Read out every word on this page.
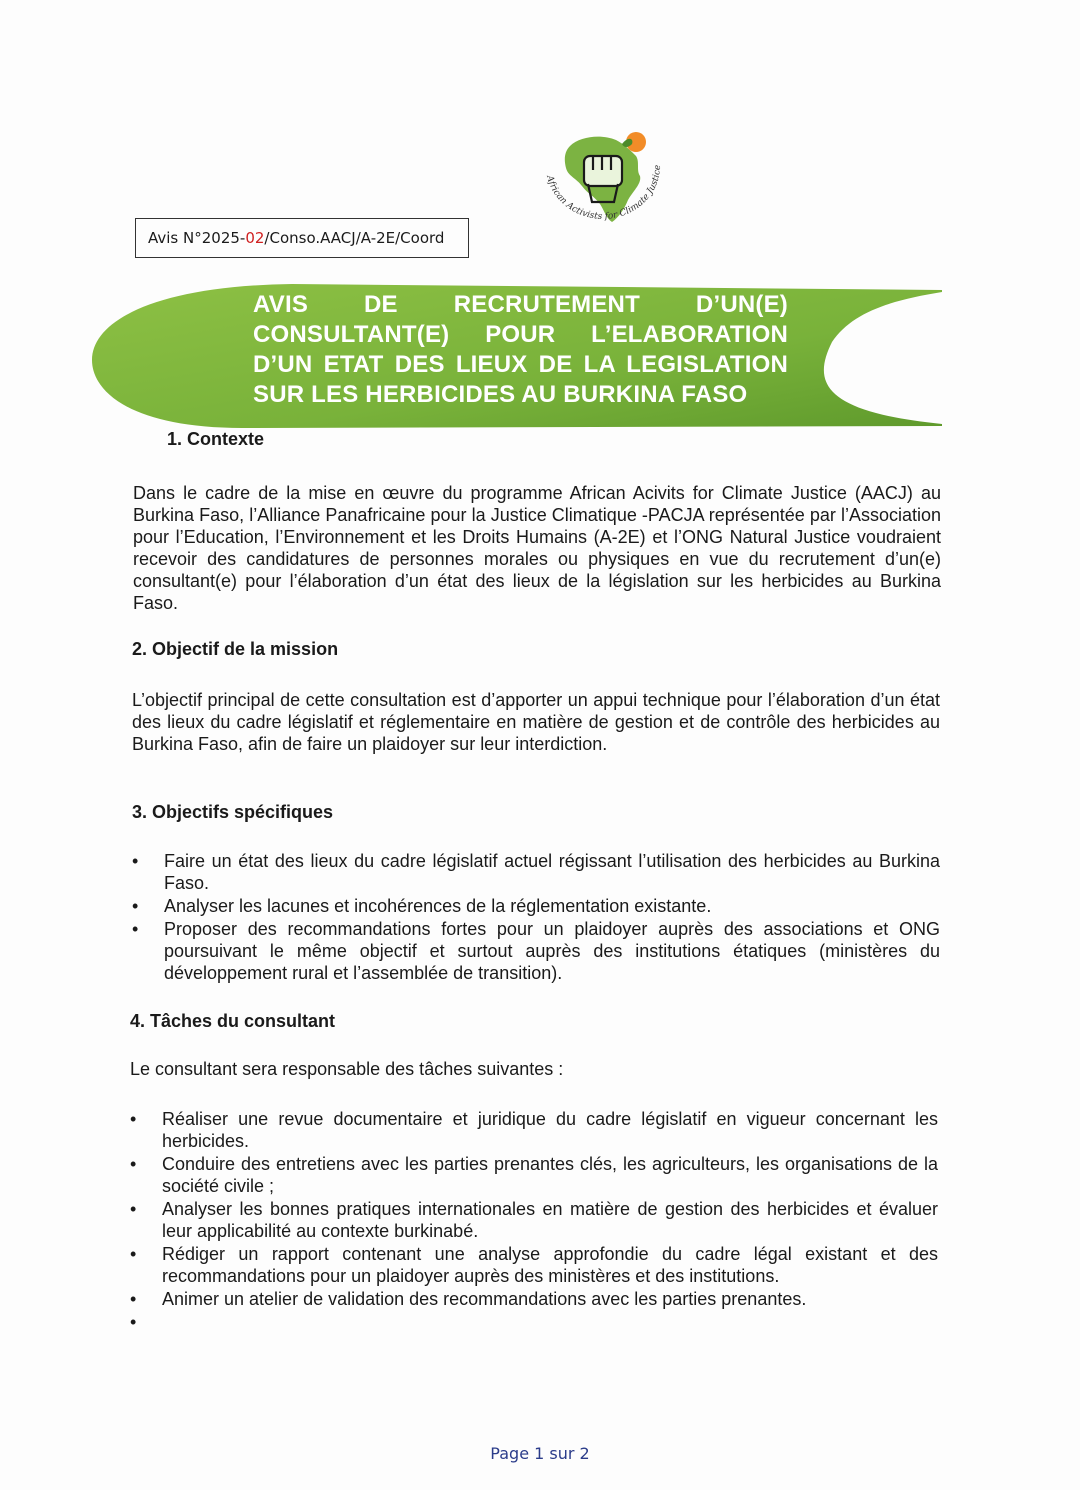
African Activists for Climate Justice
Avis N°2025- 02 /Conso.AACJ/A-2E/Coord
AVIS DE RECRUTEMENT D’UN(E)
CONSULTANT(E) POUR L’ELABORATION
D’UN ETAT DES LIEUX DE LA LEGISLATION
SUR LES HERBICIDES AU BURKINA FASO
1. Contexte

Dans le cadre de la mise en œuvre du programme African Acivits for Climate Justice (AACJ) au Burkina Faso, l’Alliance Panafricaine pour la Justice Climatique -PACJA représentée par l’Association pour l’Education, l’Environnement et les Droits Humains (A-2E) et l’ONG Natural Justice voudraient recevoir des candidatures de personnes morales ou physiques en vue du recrutement d’un(e) consultant(e) pour l’élaboration d’un état des lieux de la législation sur les herbicides au Burkina Faso.

2. Objectif de la mission

L’objectif principal de cette consultation est d’apporter un appui technique pour l’élaboration d’un état des lieux du cadre législatif et réglementaire en matière de gestion et de contrôle des herbicides au Burkina Faso, afin de faire un plaidoyer sur leur interdiction.

3. Objectifs spécifiques
• Faire un état des lieux du cadre législatif actuel régissant l’utilisation des herbicides au Burkina Faso.
• Analyser les lacunes et incohérences de la réglementation existante.
• Proposer des recommandations fortes pour un plaidoyer auprès des associations et ONG poursuivant le même objectif et surtout auprès des institutions étatiques (ministères du développement rural et l’assemblée de transition).
4. Tâches du consultant

Le consultant sera responsable des tâches suivantes :

• Réaliser une revue documentaire et juridique du cadre législatif en vigueur concernant les herbicides.
• Conduire des entretiens avec les parties prenantes clés, les agriculteurs, les organisations de la société civile ;
• Analyser les bonnes pratiques internationales en matière de gestion des herbicides et évaluer leur applicabilité au contexte burkinabé.
• Rédiger un rapport contenant une analyse approfondie du cadre légal existant et des recommandations pour un plaidoyer auprès des ministères et des institutions.
• Animer un atelier de validation des recommandations avec les parties prenantes.
•
Page 1 sur 2
